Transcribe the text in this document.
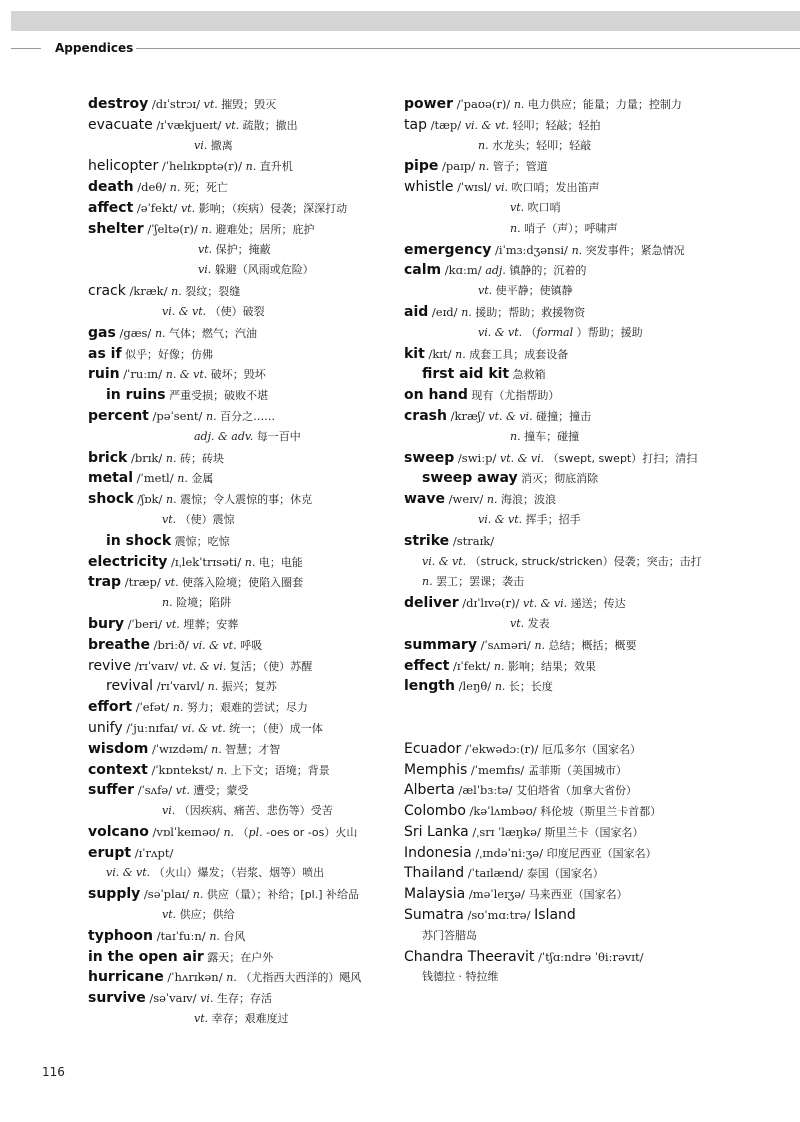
Appendices
destroy /dɪˈstrɔɪ/ vt. 摧毁；毁灭
evacuate /ɪˈvækjueɪt/ vt. 疏散；撤出
vi. 撤离
helicopter /ˈhelɪkɒptə(r)/ n. 直升机
death /deθ/ n. 死；死亡
affect /əˈfekt/ vt. 影响；（疾病）侵袭；深深打动
shelter /ˈʃeltə(r)/ n. 避难处；居所；庇护
vt. 保护；掩蔽
vi. 躲避（风雨或危险）
crack /kræk/ n. 裂纹；裂缝
vi. & vt. （使）破裂
gas /gæs/ n. 气体；燃气；汽油
as if 似乎；好像；仿佛
ruin /ˈruːɪn/ n. & vt. 破坏；毁坏
in ruins 严重受损；破败不堪
percent /pəˈsent/ n. 百分之……
adj. & adv. 每一百中
brick /brɪk/ n. 砖；砖块
metal /ˈmetl/ n. 金属
shock /ʃɒk/ n. 震惊；令人震惊的事；休克
vt. （使）震惊
in shock 震惊；吃惊
electricity /ɪˌlekˈtrɪsəti/ n. 电；电能
trap /træp/ vt. 使落入险境；使陷入圈套
n. 险境；陷阱
bury /ˈberi/ vt. 埋葬；安葬
breathe /briːð/ vi. & vt. 呼吸
revive /rɪˈvaɪv/ vt. & vi. 复活；（使）苏醒
revival /rɪˈvaɪvl/ n. 振兴；复苏
effort /ˈefət/ n. 努力；艰难的尝试；尽力
unify /ˈjuːnɪfaɪ/ vi. & vt. 统一；（使）成一体
wisdom /ˈwɪzdəm/ n. 智慧；才智
context /ˈkɒntekst/ n. 上下文；语境；背景
suffer /ˈsʌfə/ vt. 遭受；蒙受
vi. （因疾病、痛苦、悲伤等）受苦
volcano /vɒlˈkeɪnəʊ/ n. （pl. -oes or -os）火山
erupt /ɪˈrʌpt/
vi. & vt. （火山）爆发；（岩浆、烟等）喷出
supply /səˈplaɪ/ n. 供应（量）；补给；[pl.] 补给品
vt. 供应；供给
typhoon /taɪˈfuːn/ n. 台风
in the open air 露天；在户外
hurricane /ˈhʌrɪkən/ n. （尤指西大西洋的）飓风
survive /səˈvaɪv/ vi. 生存；存活
vt. 幸存；艰难度过
power /ˈpaʊə(r)/ n. 电力供应；能量；力量；控制力
tap /tæp/ vi. & vt. 轻叩；轻敲；轻拍
n. 水龙头；轻叩；轻敲
pipe /paɪp/ n. 管子；管道
whistle /ˈwɪsl/ vi. 吹口哨；发出笛声
vt. 吹口哨
n. 哨子（声）；呼啸声
emergency /iˈmɜːdʒənsi/ n. 突发事件；紧急情况
calm /kɑːm/ adj. 镇静的；沉着的
vt. 使平静；使镇静
aid /eɪd/ n. 援助；帮助；救援物资
vi. & vt. （formal ）帮助；援助
kit /kɪt/ n. 成套工具；成套设备
first aid kit 急救箱
on hand 现有（尤指帮助）
crash /kræʃ/ vt. & vi. 碰撞；撞击
n. 撞车；碰撞
sweep /swiːp/ vt. & vi. （swept, swept）打扫；清扫
sweep away 消灭；彻底消除
wave /weɪv/ n. 海浪；波浪
vi. & vt. 挥手；招手
strike /straɪk/
vi. & vt. （struck, struck/stricken）侵袭；突击；击打
n. 罢工；罢课；袭击
deliver /dɪˈlɪvə(r)/ vt. & vi. 递送；传达
vt. 发表
summary /ˈsʌməri/ n. 总结；概括；概要
effect /ɪˈfekt/ n. 影响；结果；效果
length /leŋθ/ n. 长；长度
Ecuador /ˈekwədɔː(r)/ 厄瓜多尔（国家名）
Memphis /ˈmemfɪs/ 孟菲斯（美国城市）
Alberta /ælˈbɜːtə/ 艾伯塔省（加拿大省份）
Colombo /kəˈlʌmbəʊ/ 科伦坡（斯里兰卡首都）
Sri Lanka /ˌsrɪ ˈlæŋkə/ 斯里兰卡（国家名）
Indonesia /ˌɪndəˈniːʒə/ 印度尼西亚（国家名）
Thailand /ˈtaɪlænd/ 泰国（国家名）
Malaysia /məˈleɪʒə/ 马来西亚（国家名）
Sumatra /sʊˈmɑːtrə/ Island
苏门答腊岛
Chandra Theeravit /ˈtʃɑːndrə ˈθiːrəvɪt/
钱德拉 · 特拉维
116
